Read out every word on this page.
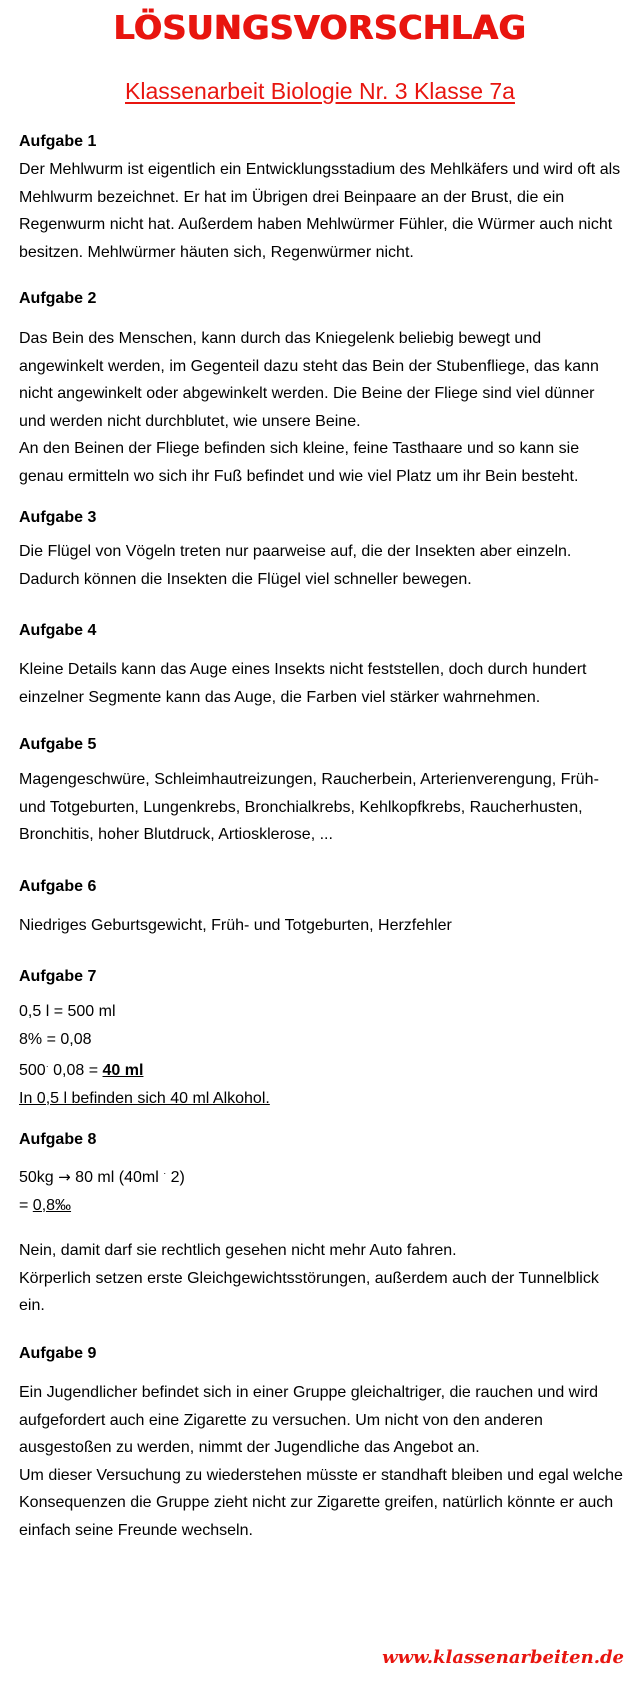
LÖSUNGSVORSCHLAG
Klassenarbeit Biologie Nr. 3 Klasse 7a
Aufgabe 1
Der Mehlwurm ist eigentlich ein Entwicklungsstadium des Mehlkäfers und wird oft als
Mehlwurm bezeichnet. Er hat im Übrigen drei Beinpaare an der Brust, die ein
Regenwurm nicht hat. Außerdem haben Mehlwürmer Fühler, die Würmer auch nicht
besitzen. Mehlwürmer häuten sich, Regenwürmer nicht.
Aufgabe 2
Das Bein des Menschen, kann durch das Kniegelenk beliebig bewegt und
angewinkelt werden, im Gegenteil dazu steht das Bein der Stubenfliege, das kann
nicht angewinkelt oder abgewinkelt werden. Die Beine der Fliege sind viel dünner
und werden nicht durchblutet, wie unsere Beine.
An den Beinen der Fliege befinden sich kleine, feine Tasthaare und so kann sie
genau ermitteln wo sich ihr Fuß befindet und wie viel Platz um ihr Bein besteht.
Aufgabe 3
Die Flügel von Vögeln treten nur paarweise auf, die der Insekten aber einzeln.
Dadurch können die Insekten die Flügel viel schneller bewegen.
Aufgabe 4
Kleine Details kann das Auge eines Insekts nicht feststellen, doch durch hundert
einzelner Segmente kann das Auge, die Farben viel stärker wahrnehmen.
Aufgabe 5
Magengeschwüre, Schleimhautreizungen, Raucherbein, Arterienverengung, Früh-
und Totgeburten, Lungenkrebs, Bronchialkrebs, Kehlkopfkrebs, Raucherhusten,
Bronchitis, hoher Blutdruck, Artiosklerose, ...
Aufgabe 6
Niedriges Geburtsgewicht, Früh- und Totgeburten, Herzfehler
Aufgabe 7
0,5 l = 500 ml
8% = 0,08
500· 0,08 = 40 ml
In 0,5 l befinden sich 40 ml Alkohol.
Aufgabe 8
50kg → 80 ml (40ml · 2)
= 0,8‰
Nein, damit darf sie rechtlich gesehen nicht mehr Auto fahren.
Körperlich setzen erste Gleichgewichtsstörungen, außerdem auch der Tunnelblick
ein.
Aufgabe 9
Ein Jugendlicher befindet sich in einer Gruppe gleichaltriger, die rauchen und wird
aufgefordert auch eine Zigarette zu versuchen. Um nicht von den anderen
ausgestoßen zu werden, nimmt der Jugendliche das Angebot an.
Um dieser Versuchung zu wiederstehen müsste er standhaft bleiben und egal welche
Konsequenzen die Gruppe zieht nicht zur Zigarette greifen, natürlich könnte er auch
einfach seine Freunde wechseln.
www.klassenarbeiten.de
